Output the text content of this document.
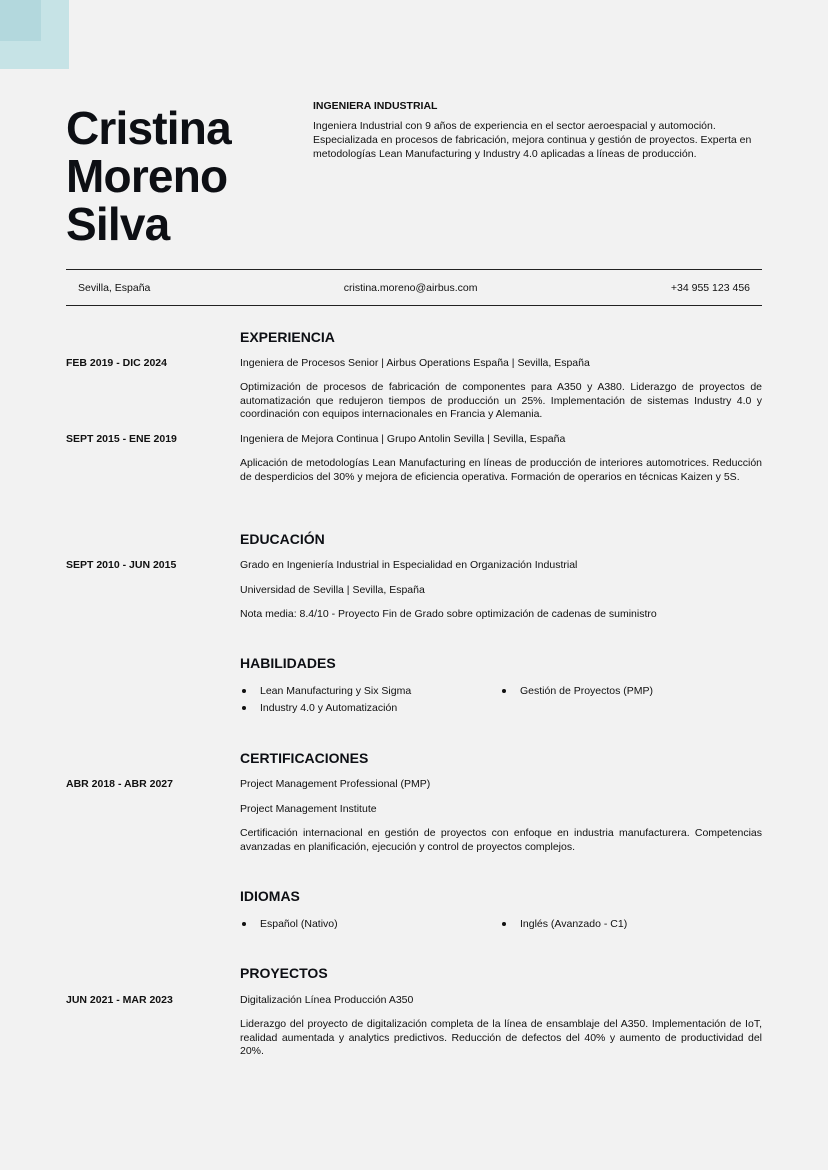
Cristina
Moreno
Silva
INGENIERA INDUSTRIAL
Ingeniera Industrial con 9 años de experiencia en el sector aeroespacial y automoción. Especializada en procesos de fabricación, mejora continua y gestión de proyectos. Experta en metodologías Lean Manufacturing y Industry 4.0 aplicadas a líneas de producción.
Sevilla, España	cristina.moreno@airbus.com	+34 955 123 456
EXPERIENCIA
FEB 2019 - DIC 2024	Ingeniera de Procesos Senior | Airbus Operations España | Sevilla, España
Optimización de procesos de fabricación de componentes para A350 y A380. Liderazgo de proyectos de automatización que redujeron tiempos de producción un 25%. Implementación de sistemas Industry 4.0 y coordinación con equipos internacionales en Francia y Alemania.
SEPT 2015 - ENE 2019	Ingeniera de Mejora Continua | Grupo Antolin Sevilla | Sevilla, España
Aplicación de metodologías Lean Manufacturing en líneas de producción de interiores automotrices. Reducción de desperdicios del 30% y mejora de eficiencia operativa. Formación de operarios en técnicas Kaizen y 5S.
EDUCACIÓN
SEPT 2010 - JUN 2015	Grado en Ingeniería Industrial in Especialidad en Organización Industrial
Universidad de Sevilla | Sevilla, España
Nota media: 8.4/10 - Proyecto Fin de Grado sobre optimización de cadenas de suministro
HABILIDADES
Lean Manufacturing y Six Sigma	Gestión de Proyectos (PMP)
Industry 4.0 y Automatización
CERTIFICACIONES
ABR 2018 - ABR 2027	Project Management Professional (PMP)
Project Management Institute
Certificación internacional en gestión de proyectos con enfoque en industria manufacturera. Competencias avanzadas en planificación, ejecución y control de proyectos complejos.
IDIOMAS
Español (Nativo)	Inglés (Avanzado - C1)
PROYECTOS
JUN 2021 - MAR 2023	Digitalización Línea Producción A350
Liderazgo del proyecto de digitalización completa de la línea de ensamblaje del A350. Implementación de IoT, realidad aumentada y analytics predictivos. Reducción de defectos del 40% y aumento de productividad del 20%.
